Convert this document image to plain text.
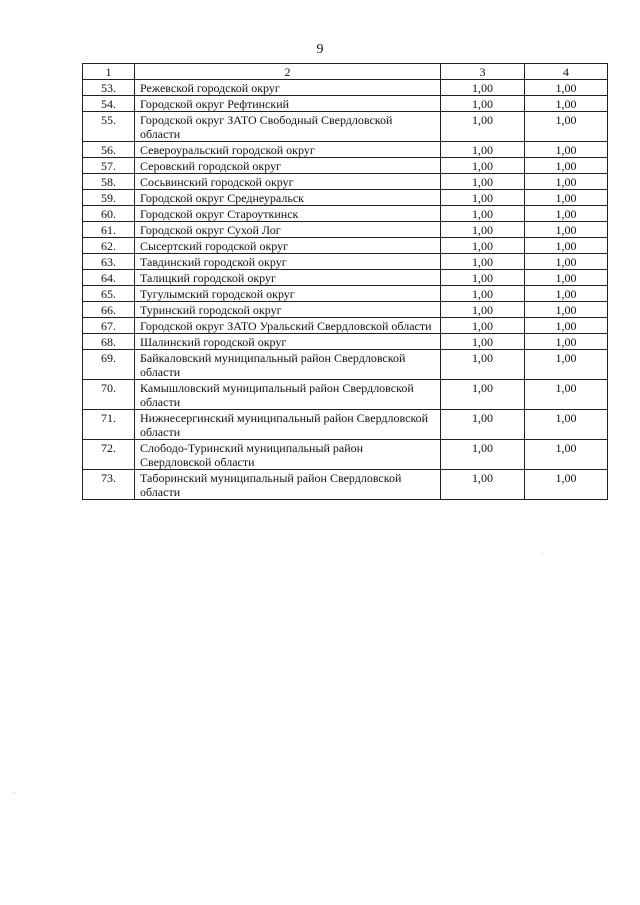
9
1	2	3	4
53.	Режевской городской округ	1,00	1,00
54.	Городской округ Рефтинский	1,00	1,00
55.	Городской округ ЗАТО Свободный Свердловской области	1,00	1,00
56.	Североуральский городской округ	1,00	1,00
57.	Серовский городской округ	1,00	1,00
58.	Сосьвинский городской округ	1,00	1,00
59.	Городской округ Среднеуральск	1,00	1,00
60.	Городской округ Староуткинск	1,00	1,00
61.	Городской округ Сухой Лог	1,00	1,00
62.	Сысертский городской округ	1,00	1,00
63.	Тавдинский городской округ	1,00	1,00
64.	Талицкий городской округ	1,00	1,00
65.	Тугулымский городской округ	1,00	1,00
66.	Туринский городской округ	1,00	1,00
67.	Городской округ ЗАТО Уральский Свердловской области	1,00	1,00
68.	Шалинский городской округ	1,00	1,00
69.	Байкаловский муниципальный район Свердловской области	1,00	1,00
70.	Камышловский муниципальный район Свердловской области	1,00	1,00
71.	Нижнесергинский муниципальный район Свердловской области	1,00	1,00
72.	Слободо-Туринский муниципальный район Свердловской области	1,00	1,00
73.	Таборинский муниципальный район Свердловской области	1,00	1,00
